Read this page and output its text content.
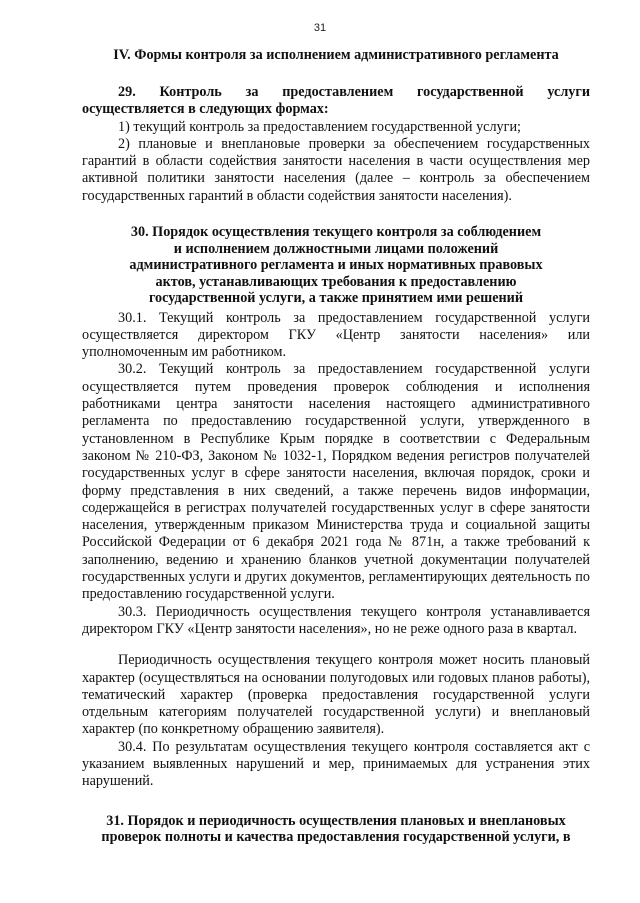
31
IV. Формы контроля за исполнением административного регламента

29. Контроль за предоставлением государственной услуги осуществляется в следующих формах:

1) текущий контроль за предоставлением государственной услуги;

2) плановые и внеплановые проверки за обеспечением государственных гарантий в области содействия занятости населения в части осуществления мер активной политики занятости населения (далее – контроль за обеспечением государственных гарантий в области содействия занятости населения).

30. Порядок осуществления текущего контроля за соблюдением
и исполнением должностными лицами положений
административного регламента и иных нормативных правовых
актов, устанавливающих требования к предоставлению
государственной услуги, а также принятием ими решений

30.1. Текущий контроль за предоставлением государственной услуги осуществляется директором ГКУ «Центр занятости населения» или уполномоченным им работником.

30.2. Текущий контроль за предоставлением государственной услуги осуществляется путем проведения проверок соблюдения и исполнения работниками центра занятости населения настоящего административного регламента по предоставлению государственной услуги, утвержденного в установленном в Республике Крым порядке в соответствии с Федеральным законом № 210-ФЗ, Законом № 1032-1, Порядком ведения регистров получателей государственных услуг в сфере занятости населения, включая порядок, сроки и форму представления в них сведений, а также перечень видов информации, содержащейся в регистрах получателей государственных услуг в сфере занятости населения, утвержденным приказом Министерства труда и социальной защиты Российской Федерации от 6 декабря 2021 года № 871н, а также требований к заполнению, ведению и хранению бланков учетной документации получателей государственных услуги и других документов, регламентирующих деятельность по предоставлению государственной услуги.

30.3. Периодичность осуществления текущего контроля устанавливается директором ГКУ «Центр занятости населения», но не реже одного раза в квартал.

Периодичность осуществления текущего контроля может носить плановый характер (осуществляться на основании полугодовых или годовых планов работы), тематический характер (проверка предоставления государственной услуги отдельным категориям получателей государственной услуги) и внеплановый характер (по конкретному обращению заявителя).

30.4. По результатам осуществления текущего контроля составляется акт с указанием выявленных нарушений и мер, принимаемых для устранения этих нарушений.

31. Порядок и периодичность осуществления плановых и внеплановых
проверок полноты и качества предоставления государственной услуги, в
